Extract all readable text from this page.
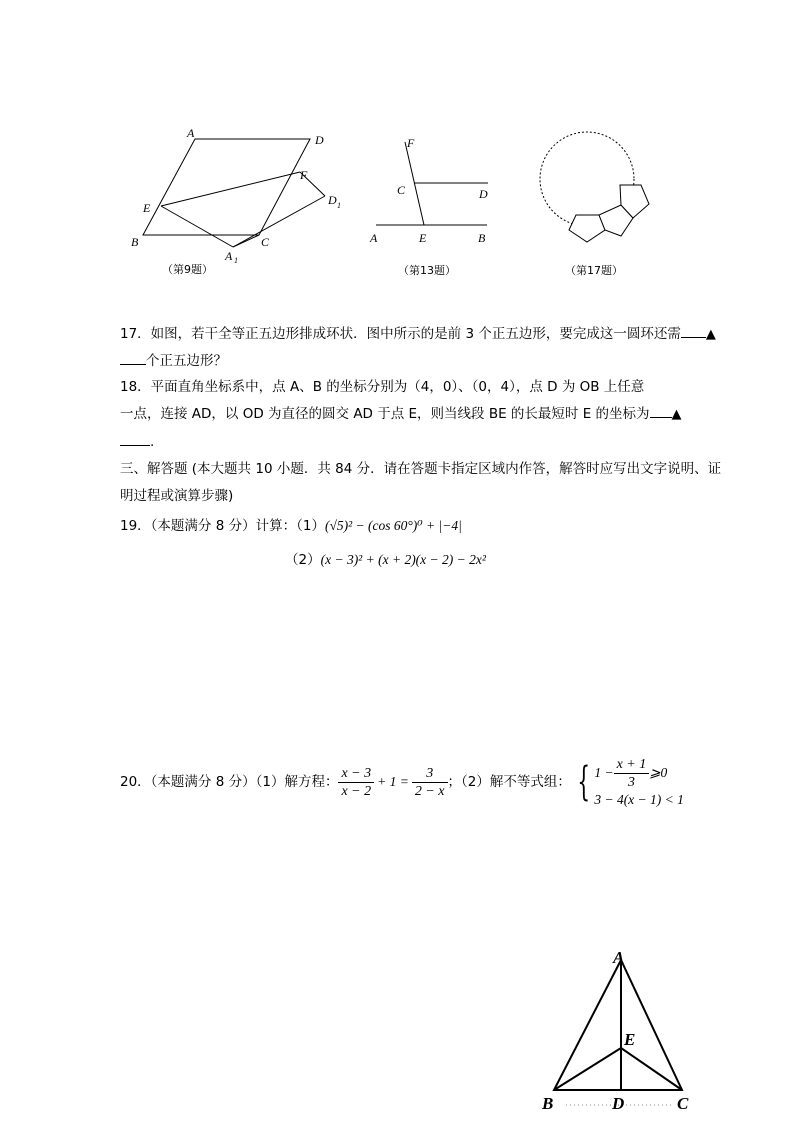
A	D
F
D 1
E
B
A 1
C
（第9题）
F
C	D
A	E	B
（第13题）	（第17题）
17．如图，若干全等正五边形排成环状．图中所示的是前 3 个正五边形，要完成这一圆环还需 ▲
个正五边形？
18．平面直角坐标系中，点 A、B 的坐标分别为（4，0）、（0，4），点 D 为 OB 上任意
一点，连接 AD，以 OD 为直径的圆交 AD 于点 E，则当线段 BE 的长最短时 E 的坐标为 ▲
.
三、解答题 (本大题共 10 小题．共 84 分．请在答题卡指定区域内作答，解答时应写出文字说明、证
明过程或演算步骤)
19．（本题满分 8 分）计算：（1）(√5)² − (cos 60°)⁰ + |−4|
（2）(x − 3)² + (x + 2)(x − 2) − 2x²
20．（本题满分 8 分）（1）解方程： $\frac{x - 3}{x - 2} + 1 = \frac{3}{2 - x}$ ；（2）解不等式组： { $1 - \frac{x + 1}{3}$ ⩾0
3 − 4(x − 1) < 1
A
E
B	D	C
